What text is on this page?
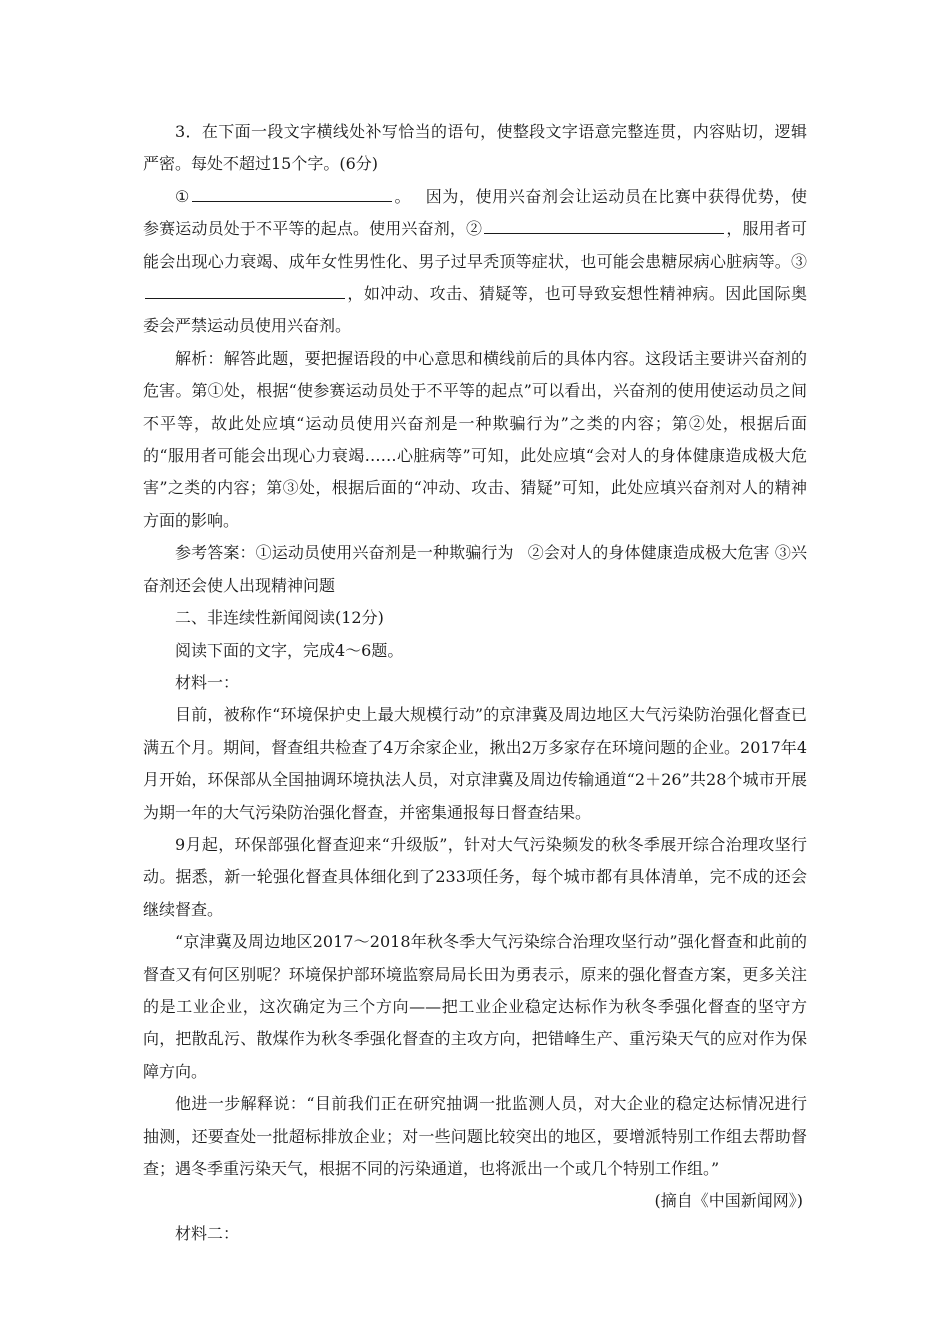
3．在下面一段文字横线处补写恰当的语句，使整段文字语意完整连贯，内容贴切，逻辑严密。每处不超过15个字。(6分)

①	。 因为，使用兴奋剂会让运动员在比赛中获得优势，使参赛运动员处于不平等的起点。使用兴奋剂，②	，服用者可能会出现心力衰竭、成年女性男性化、男子过早秃顶等症状，也可能会患糖尿病心脏病等。③，如冲动、攻击、猜疑等，也可导致妄想性精神病。因此国际奥委会严禁运动员使用兴奋剂。

解析：解答此题，要把握语段的中心意思和横线前后的具体内容。这段话主要讲兴奋剂的危害。第①处，根据“使参赛运动员处于不平等的起点”可以看出，兴奋剂的使用使运动员之间不平等，故此处应填“运动员使用兴奋剂是一种欺骗行为”之类的内容；第②处，根据后面的“服用者可能会出现心力衰竭……心脏病等”可知，此处应填“会对人的身体健康造成极大危害”之类的内容；第③处，根据后面的“冲动、攻击、猜疑”可知，此处应填兴奋剂对人的精神方面的影响。

参考答案：①运动员使用兴奋剂是一种欺骗行为 ②会对人的身体健康造成极大危害 ③兴奋剂还会使人出现精神问题

二、非连续性新闻阅读(12分)

阅读下面的文字，完成4～6题。

材料一：

目前，被称作“环境保护史上最大规模行动”的京津冀及周边地区大气污染防治强化督查已满五个月。期间，督查组共检查了4万余家企业，揪出2万多家存在环境问题的企业。2017年4月开始，环保部从全国抽调环境执法人员，对京津冀及周边传输通道“2＋26”共28个城市开展为期一年的大气污染防治强化督查，并密集通报每日督查结果。

9月起，环保部强化督查迎来“升级版”，针对大气污染频发的秋冬季展开综合治理攻坚行动。据悉，新一轮强化督查具体细化到了233项任务，每个城市都有具体清单，完不成的还会继续督查。

“京津冀及周边地区2017～2018年秋冬季大气污染综合治理攻坚行动”强化督查和此前的督查又有何区别呢？环境保护部环境监察局局长田为勇表示，原来的强化督查方案，更多关注的是工业企业，这次确定为三个方向——把工业企业稳定达标作为秋冬季强化督查的坚守方向，把散乱污、散煤作为秋冬季强化督查的主攻方向，把错峰生产、重污染天气的应对作为保障方向。

他进一步解释说：“目前我们正在研究抽调一批监测人员，对大企业的稳定达标情况进行抽测，还要查处一批超标排放企业；对一些问题比较突出的地区，要增派特别工作组去帮助督查；遇冬季重污染天气，根据不同的污染通道，也将派出一个或几个特别工作组。”

(摘自《中国新闻网》)

材料二：
